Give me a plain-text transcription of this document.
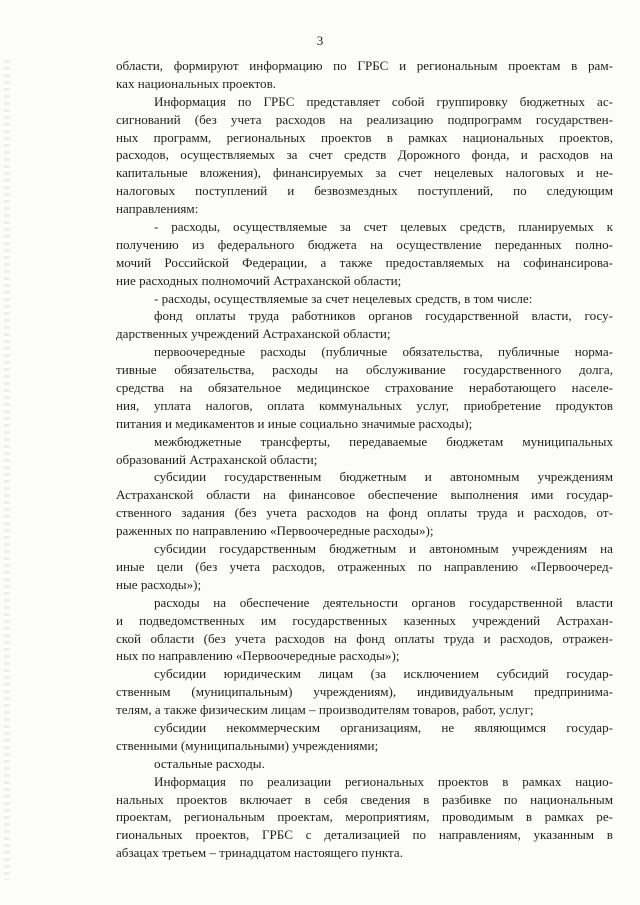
3
области, формируют информацию по ГРБС и региональным проектам в рам-
ках национальных проектов.
Информация по ГРБС представляет собой группировку бюджетных ас-
сигнований (без учета расходов на реализацию подпрограмм государствен-
ных программ, региональных проектов в рамках национальных проектов,
расходов, осуществляемых за счет средств Дорожного фонда, и расходов на
капитальные вложения), финансируемых за счет нецелевых налоговых и не-
налоговых поступлений и безвозмездных поступлений, по следующим
направлениям:
- расходы, осуществляемые за счет целевых средств, планируемых к
получению из федерального бюджета на осуществление переданных полно-
мочий Российской Федерации, а также предоставляемых на софинансирова-
ние расходных полномочий Астраханской области;
- расходы, осуществляемые за счет нецелевых средств, в том числе:
фонд оплаты труда работников органов государственной власти, госу-
дарственных учреждений Астраханской области;
первоочередные расходы (публичные обязательства, публичные норма-
тивные обязательства, расходы на обслуживание государственного долга,
средства на обязательное медицинское страхование неработающего населе-
ния, уплата налогов, оплата коммунальных услуг, приобретение продуктов
питания и медикаментов и иные социально значимые расходы);
межбюджетные трансферты, передаваемые бюджетам муниципальных
образований Астраханской области;
субсидии государственным бюджетным и автономным учреждениям
Астраханской области на финансовое обеспечение выполнения ими государ-
ственного задания (без учета расходов на фонд оплаты труда и расходов, от-
раженных по направлению «Первоочередные расходы»);
субсидии государственным бюджетным и автономным учреждениям на
иные цели (без учета расходов, отраженных по направлению «Первоочеред-
ные расходы»);
расходы на обеспечение деятельности органов государственной власти
и подведомственных им государственных казенных учреждений Астрахан-
ской области (без учета расходов на фонд оплаты труда и расходов, отражен-
ных по направлению «Первоочередные расходы»);
субсидии юридическим лицам (за исключением субсидий государ-
ственным (муниципальным) учреждениям), индивидуальным предпринима-
телям, а также физическим лицам – производителям товаров, работ, услуг;
субсидии некоммерческим организациям, не являющимся государ-
ственными (муниципальными) учреждениями;
остальные расходы.
Информация по реализации региональных проектов в рамках нацио-
нальных проектов включает в себя сведения в разбивке по национальным
проектам, региональным проектам, мероприятиям, проводимым в рамках ре-
гиональных проектов, ГРБС с детализацией по направлениям, указанным в
абзацах третьем – тринадцатом настоящего пункта.
